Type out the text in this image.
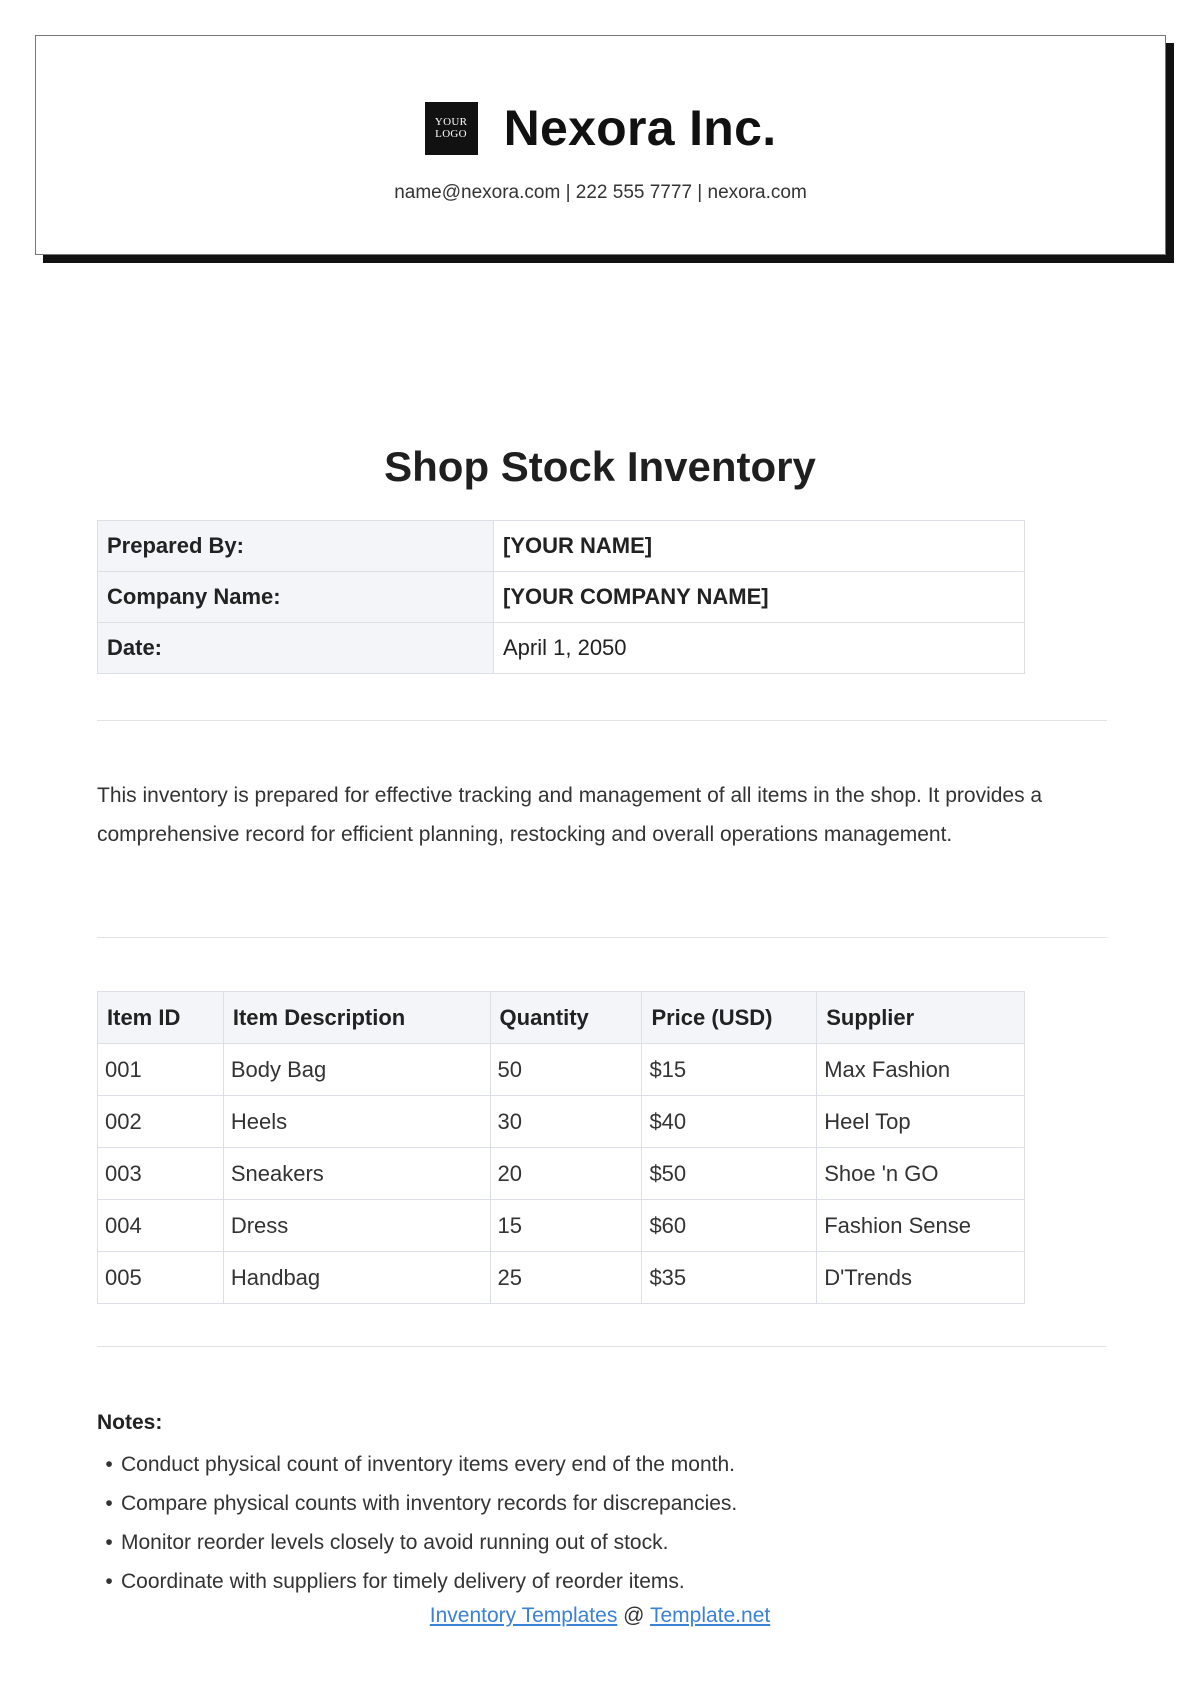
YOUR
LOGO Nexora Inc.
name@nexora.com | 222 555 7777 | nexora.com
Shop Stock Inventory
Prepared By:	[YOUR NAME]
Company Name:	[YOUR COMPANY NAME]
Date:	April 1, 2050

This inventory is prepared for effective tracking and management of all items in the shop. It provides a comprehensive record for efficient planning, restocking and overall operations management.

Item ID	Item Description	Quantity	Price (USD)	Supplier
001	Body Bag	50	$15	Max Fashion
002	Heels	30	$40	Heel Top
003	Sneakers	20	$50	Shoe 'n GO
004	Dress	15	$60	Fashion Sense
005	Handbag	25	$35	D'Trends

Notes:

• Conduct physical count of inventory items every end of the month.
• Compare physical counts with inventory records for discrepancies.
• Monitor reorder levels closely to avoid running out of stock.
• Coordinate with suppliers for timely delivery of reorder items.
Inventory Templates @ Template.net
